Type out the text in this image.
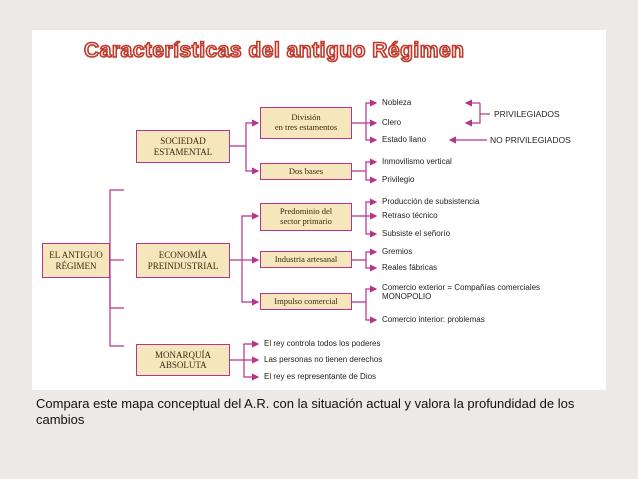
Características del antiguo Régimen
EL ANTIGUO
RÉGIMEN
SOCIEDAD
ESTAMENTAL
ECONOMÍA
PREINDUSTRIAL
MONARQUÍA
ABSOLUTA
División
en tres estamentos
Dos bases
Predominio del
sector primario
Industria artesanal
Impulso comercial
Nobleza
Clero
Estado llano
PRIVILEGIADOS
NO PRIVILEGIADOS
Inmovilismo vertical
Privilegio
Producción de subsistencia
Retraso técnico
Subsiste el señorío
Gremios
Reales fábricas
Comercio exterior = Compañías comerciales
MONOPOLIO
Comercio interior: problemas
El rey controla todos los poderes
Las personas no tienen derechos
El rey es representante de Dios
Compara este mapa conceptual del A.R. con la situación actual y valora la profundidad de los cambios
